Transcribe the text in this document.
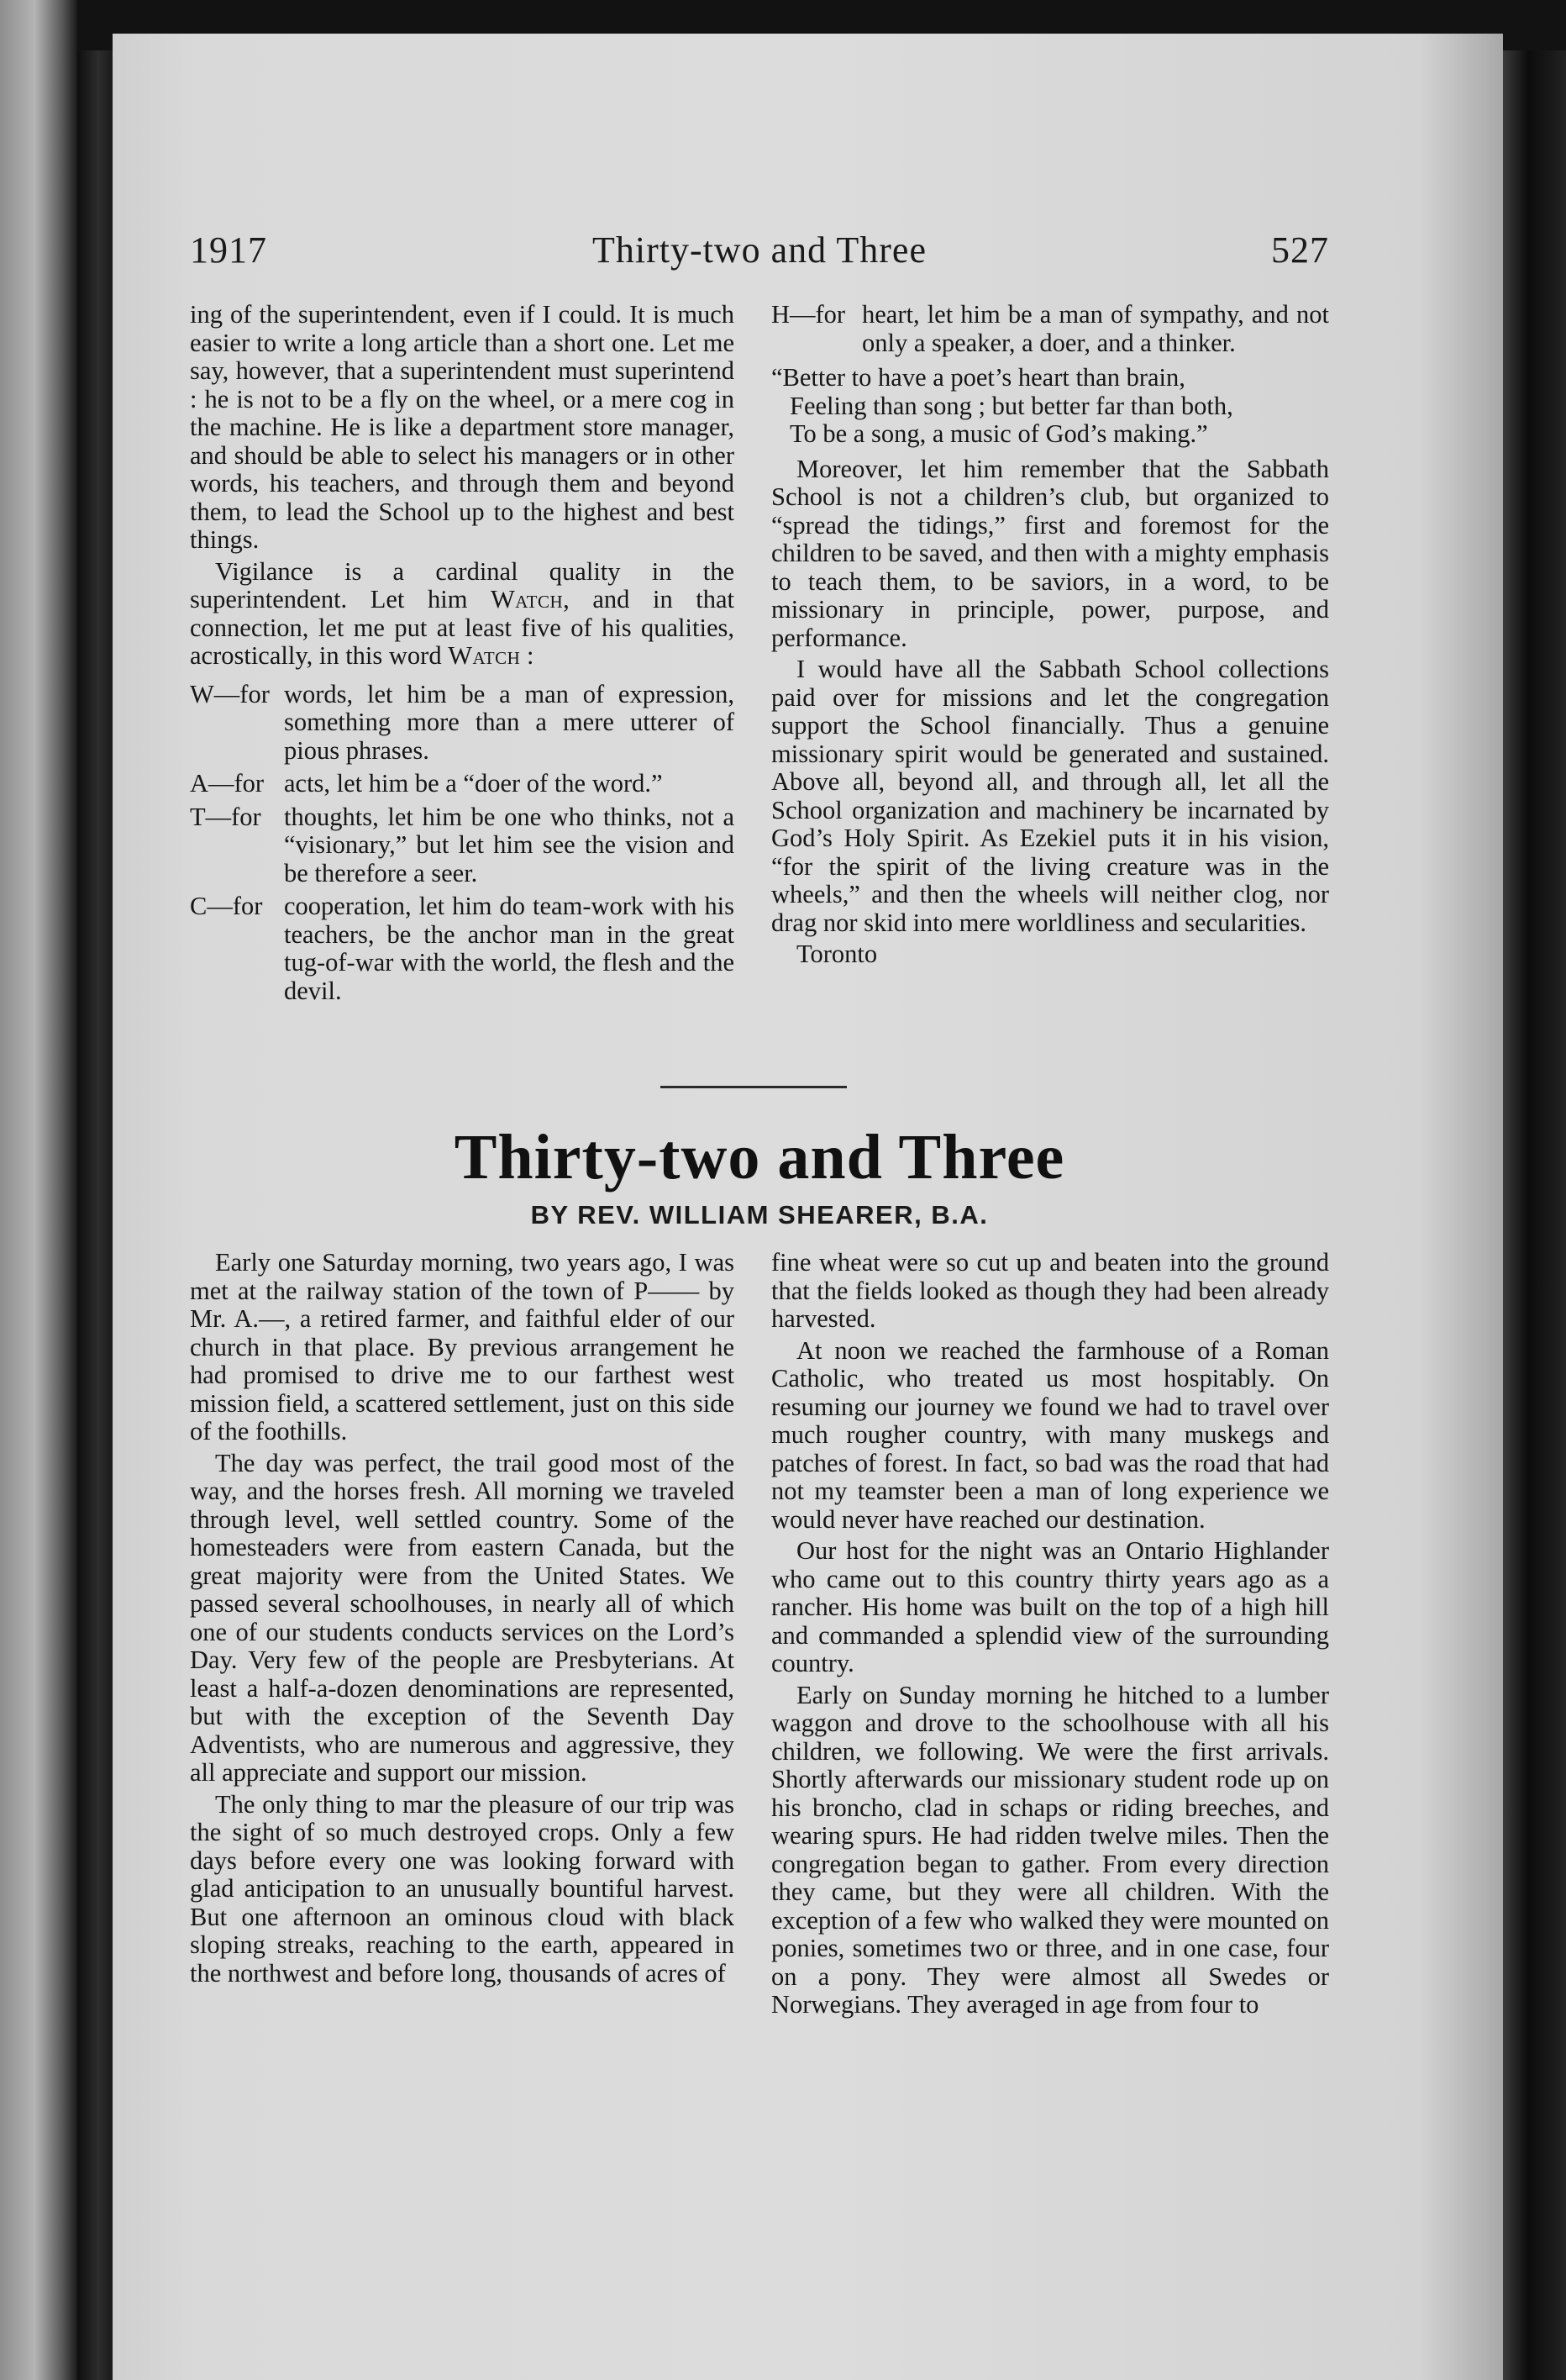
1917	Thirty-two and Three	527

ing of the superintendent, even if I could. It is much easier to write a long article than a short one. Let me say, however, that a superintendent must superintend : he is not to be a fly on the wheel, or a mere cog in the machine. He is like a department store manager, and should be able to select his managers or in other words, his teachers, and through them and beyond them, to lead the School up to the highest and best things.

Vigilance is a cardinal quality in the superintendent. Let him Watch, and in that connection, let me put at least five of his qualities, acrostically, in this word Watch :

W—for words, let him be a man of expression, something more than a mere utterer of pious phrases.
A—for acts, let him be a “doer of the word.”
T—for thoughts, let him be one who thinks, not a “visionary,” but let him see the vision and be therefore a seer.
C—for cooperation, let him do team-work with his teachers, be the anchor man in the great tug-of-war with the world, the flesh and the devil.
H—for heart, let him be a man of sympathy, and not only a speaker, a doer, and a thinker.
“Better to have a poet’s heart than brain,
Feeling than song ; but better far than both,
To be a song, a music of God’s making.”

Moreover, let him remember that the Sabbath School is not a children’s club, but organized to “spread the tidings,” first and foremost for the children to be saved, and then with a mighty emphasis to teach them, to be saviors, in a word, to be missionary in principle, power, purpose, and performance.

I would have all the Sabbath School collections paid over for missions and let the congregation support the School financially. Thus a genuine missionary spirit would be generated and sustained. Above all, beyond all, and through all, let all the School organization and machinery be incarnated by God’s Holy Spirit. As Ezekiel puts it in his vision, “for the spirit of the living creature was in the wheels,” and then the wheels will neither clog, nor drag nor skid into mere worldliness and secularities.

Toronto

Thirty-two and Three
BY REV. WILLIAM SHEARER, B.A.

Early one Saturday morning, two years ago, I was met at the railway station of the town of P—— by Mr. A.—, a retired farmer, and faithful elder of our church in that place. By previous arrangement he had promised to drive me to our farthest west mission field, a scattered settlement, just on this side of the foothills.

The day was perfect, the trail good most of the way, and the horses fresh. All morning we traveled through level, well settled country. Some of the homesteaders were from eastern Canada, but the great majority were from the United States. We passed several schoolhouses, in nearly all of which one of our students conducts services on the Lord’s Day. Very few of the people are Presbyterians. At least a half-a-dozen denominations are represented, but with the exception of the Seventh Day Adventists, who are numerous and aggressive, they all appreciate and support our mission.

The only thing to mar the pleasure of our trip was the sight of so much destroyed crops. Only a few days before every one was looking forward with glad anticipation to an unusually bountiful harvest. But one afternoon an ominous cloud with black sloping streaks, reaching to the earth, appeared in the northwest and before long, thousands of acres of

fine wheat were so cut up and beaten into the ground that the fields looked as though they had been already harvested.

At noon we reached the farmhouse of a Roman Catholic, who treated us most hospitably. On resuming our journey we found we had to travel over much rougher country, with many muskegs and patches of forest. In fact, so bad was the road that had not my teamster been a man of long experience we would never have reached our destination.

Our host for the night was an Ontario Highlander who came out to this country thirty years ago as a rancher. His home was built on the top of a high hill and commanded a splendid view of the surrounding country.

Early on Sunday morning he hitched to a lumber waggon and drove to the schoolhouse with all his children, we following. We were the first arrivals. Shortly afterwards our missionary student rode up on his broncho, clad in schaps or riding breeches, and wearing spurs. He had ridden twelve miles. Then the congregation began to gather. From every direction they came, but they were all children. With the exception of a few who walked they were mounted on ponies, sometimes two or three, and in one case, four on a pony. They were almost all Swedes or Norwegians. They averaged in age from four to
